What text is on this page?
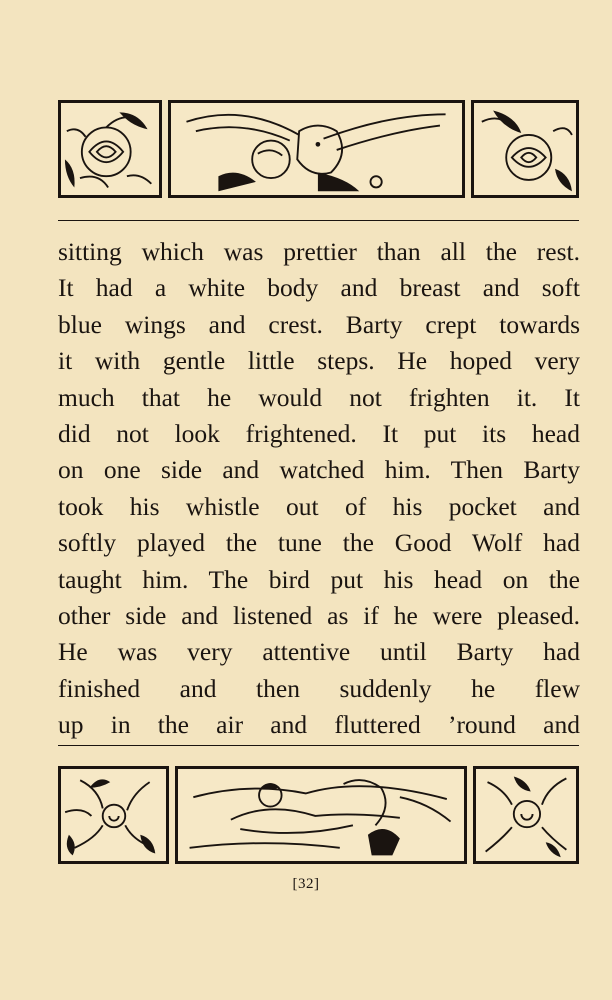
sitting which was prettier than all the rest.
It had a white body and breast and soft
blue wings and crest. Barty crept towards
it with gentle little steps. He hoped very
much that he would not frighten it. It
did not look frightened. It put its head
on one side and watched him. Then Barty
took his whistle out of his pocket and
softly played the tune the Good Wolf had
taught him. The bird put his head on the
other side and listened as if he were pleased.
He was very attentive until Barty had
finished and then suddenly he flew
up in the air and fluttered ’round and
[32]
